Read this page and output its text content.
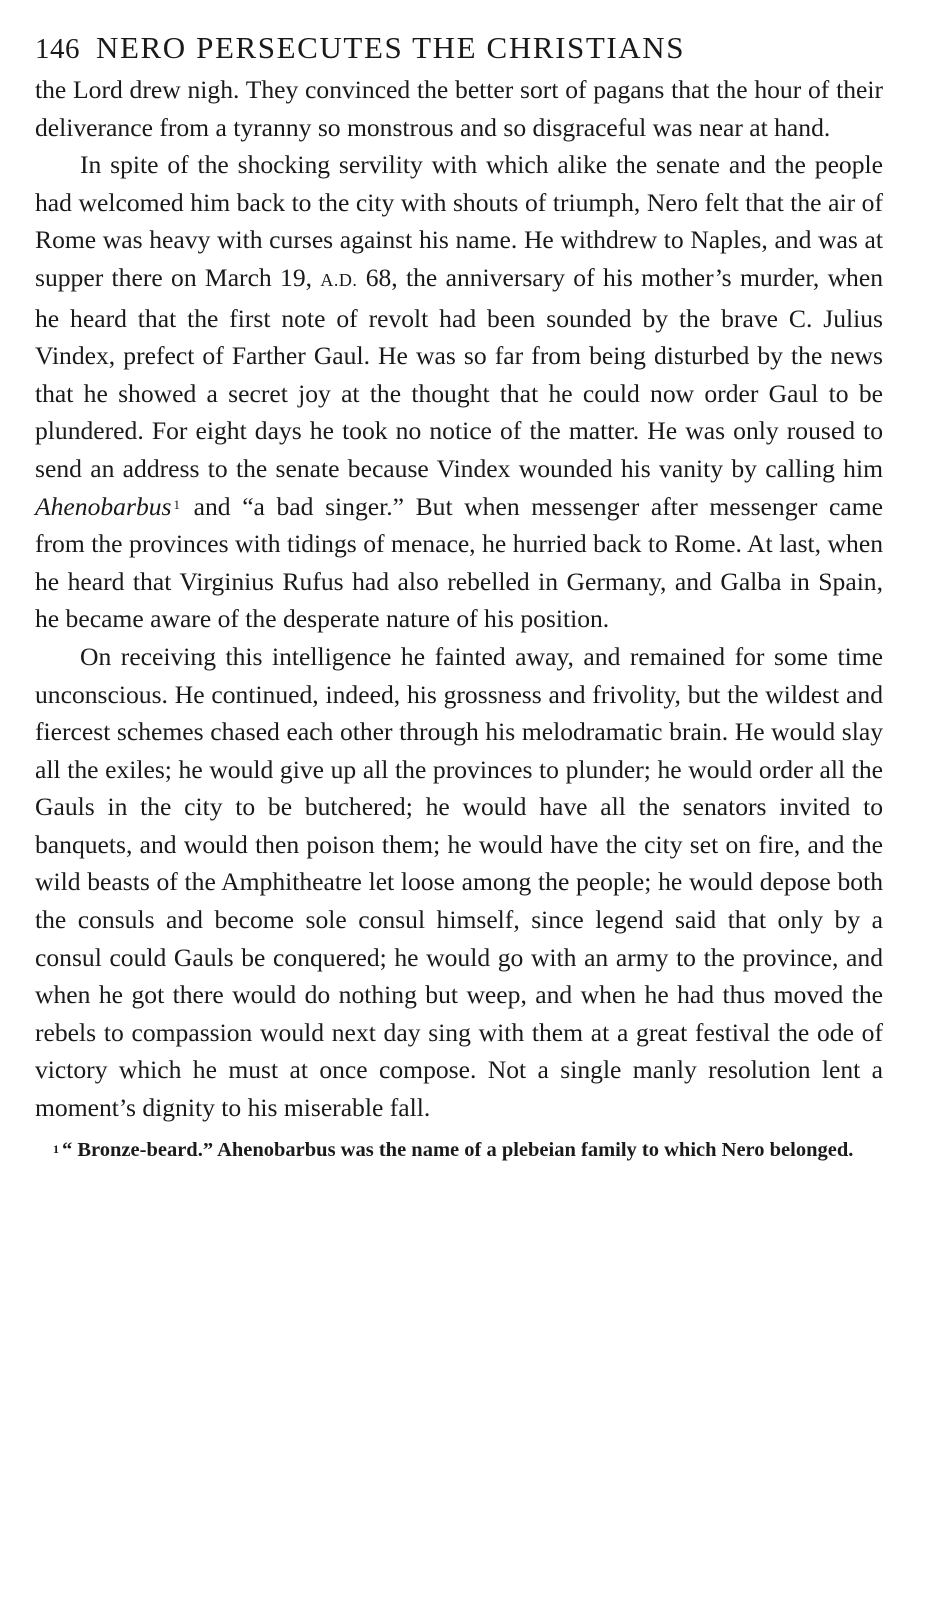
146 NERO PERSECUTES THE CHRISTIANS

the Lord drew nigh. They convinced the better sort of pagans that the hour of their deliverance from a tyranny so monstrous and so disgraceful was near at hand.

In spite of the shocking servility with which alike the senate and the people had welcomed him back to the city with shouts of triumph, Nero felt that the air of Rome was heavy with curses against his name. He withdrew to Naples, and was at supper there on March 19, A.D. 68, the anniversary of his mother’s murder, when he heard that the first note of revolt had been sounded by the brave C. Julius Vindex, prefect of Farther Gaul. He was so far from being disturbed by the news that he showed a secret joy at the thought that he could now order Gaul to be plundered. For eight days he took no notice of the matter. He was only roused to send an address to the senate because Vindex wounded his vanity by calling him Ahenobarbus $^1$ and “a bad singer.” But when messenger after messenger came from the provinces with tidings of menace, he hurried back to Rome. At last, when he heard that Virginius Rufus had also rebelled in Germany, and Galba in Spain, he became aware of the desperate nature of his position.

On receiving this intelligence he fainted away, and remained for some time unconscious. He continued, indeed, his grossness and frivolity, but the wildest and fiercest schemes chased each other through his melodramatic brain. He would slay all the exiles; he would give up all the provinces to plunder; he would order all the Gauls in the city to be butchered; he would have all the senators invited to banquets, and would then poison them; he would have the city set on fire, and the wild beasts of the Amphitheatre let loose among the people; he would depose both the consuls and become sole consul himself, since legend said that only by a consul could Gauls be conquered; he would go with an army to the province, and when he got there would do nothing but weep, and when he had thus moved the rebels to compassion would next day sing with them at a great festival the ode of victory which he must at once compose. Not a single manly resolution lent a moment’s dignity to his miserable fall.

$^1$ “ Bronze-beard.” Ahenobarbus was the name of a plebeian family to which Nero belonged.
